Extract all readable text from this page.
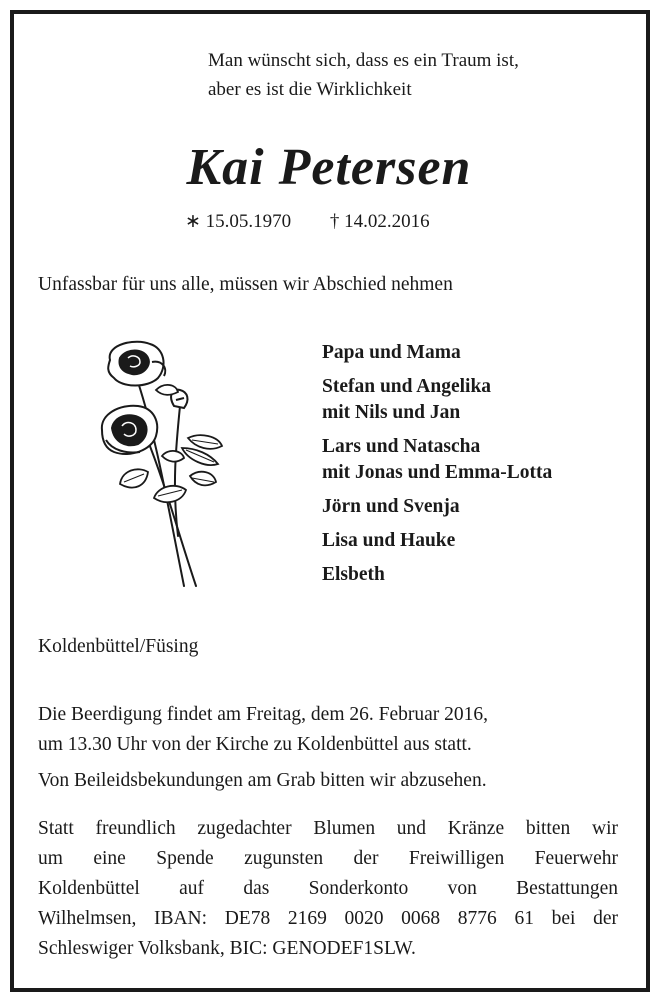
Man wünscht sich, dass es ein Traum ist,
aber es ist die Wirklichkeit
Kai Petersen
∗ 15.05.1970 † 14.02.2016
Unfassbar für uns alle, müssen wir Abschied nehmen
Papa und Mama
Stefan und Angelika
mit Nils und Jan
Lars und Natascha
mit Jonas und Emma-Lotta
Jörn und Svenja
Lisa und Hauke
Elsbeth
Koldenbüttel/Füsing
Die Beerdigung findet am Freitag, dem 26. Februar 2016,
um 13.30 Uhr von der Kirche zu Koldenbüttel aus statt.
Von Beileidsbekundungen am Grab bitten wir abzusehen.
Statt freundlich zugedachter Blumen und Kränze bitten wir
um eine Spende zugunsten der Freiwilligen Feuerwehr
Koldenbüttel auf das Sonderkonto von Bestattungen
Wilhelmsen, IBAN: DE78 2169 0020 0068 8776 61 bei der
Schleswiger Volksbank, BIC: GENODEF1SLW.
